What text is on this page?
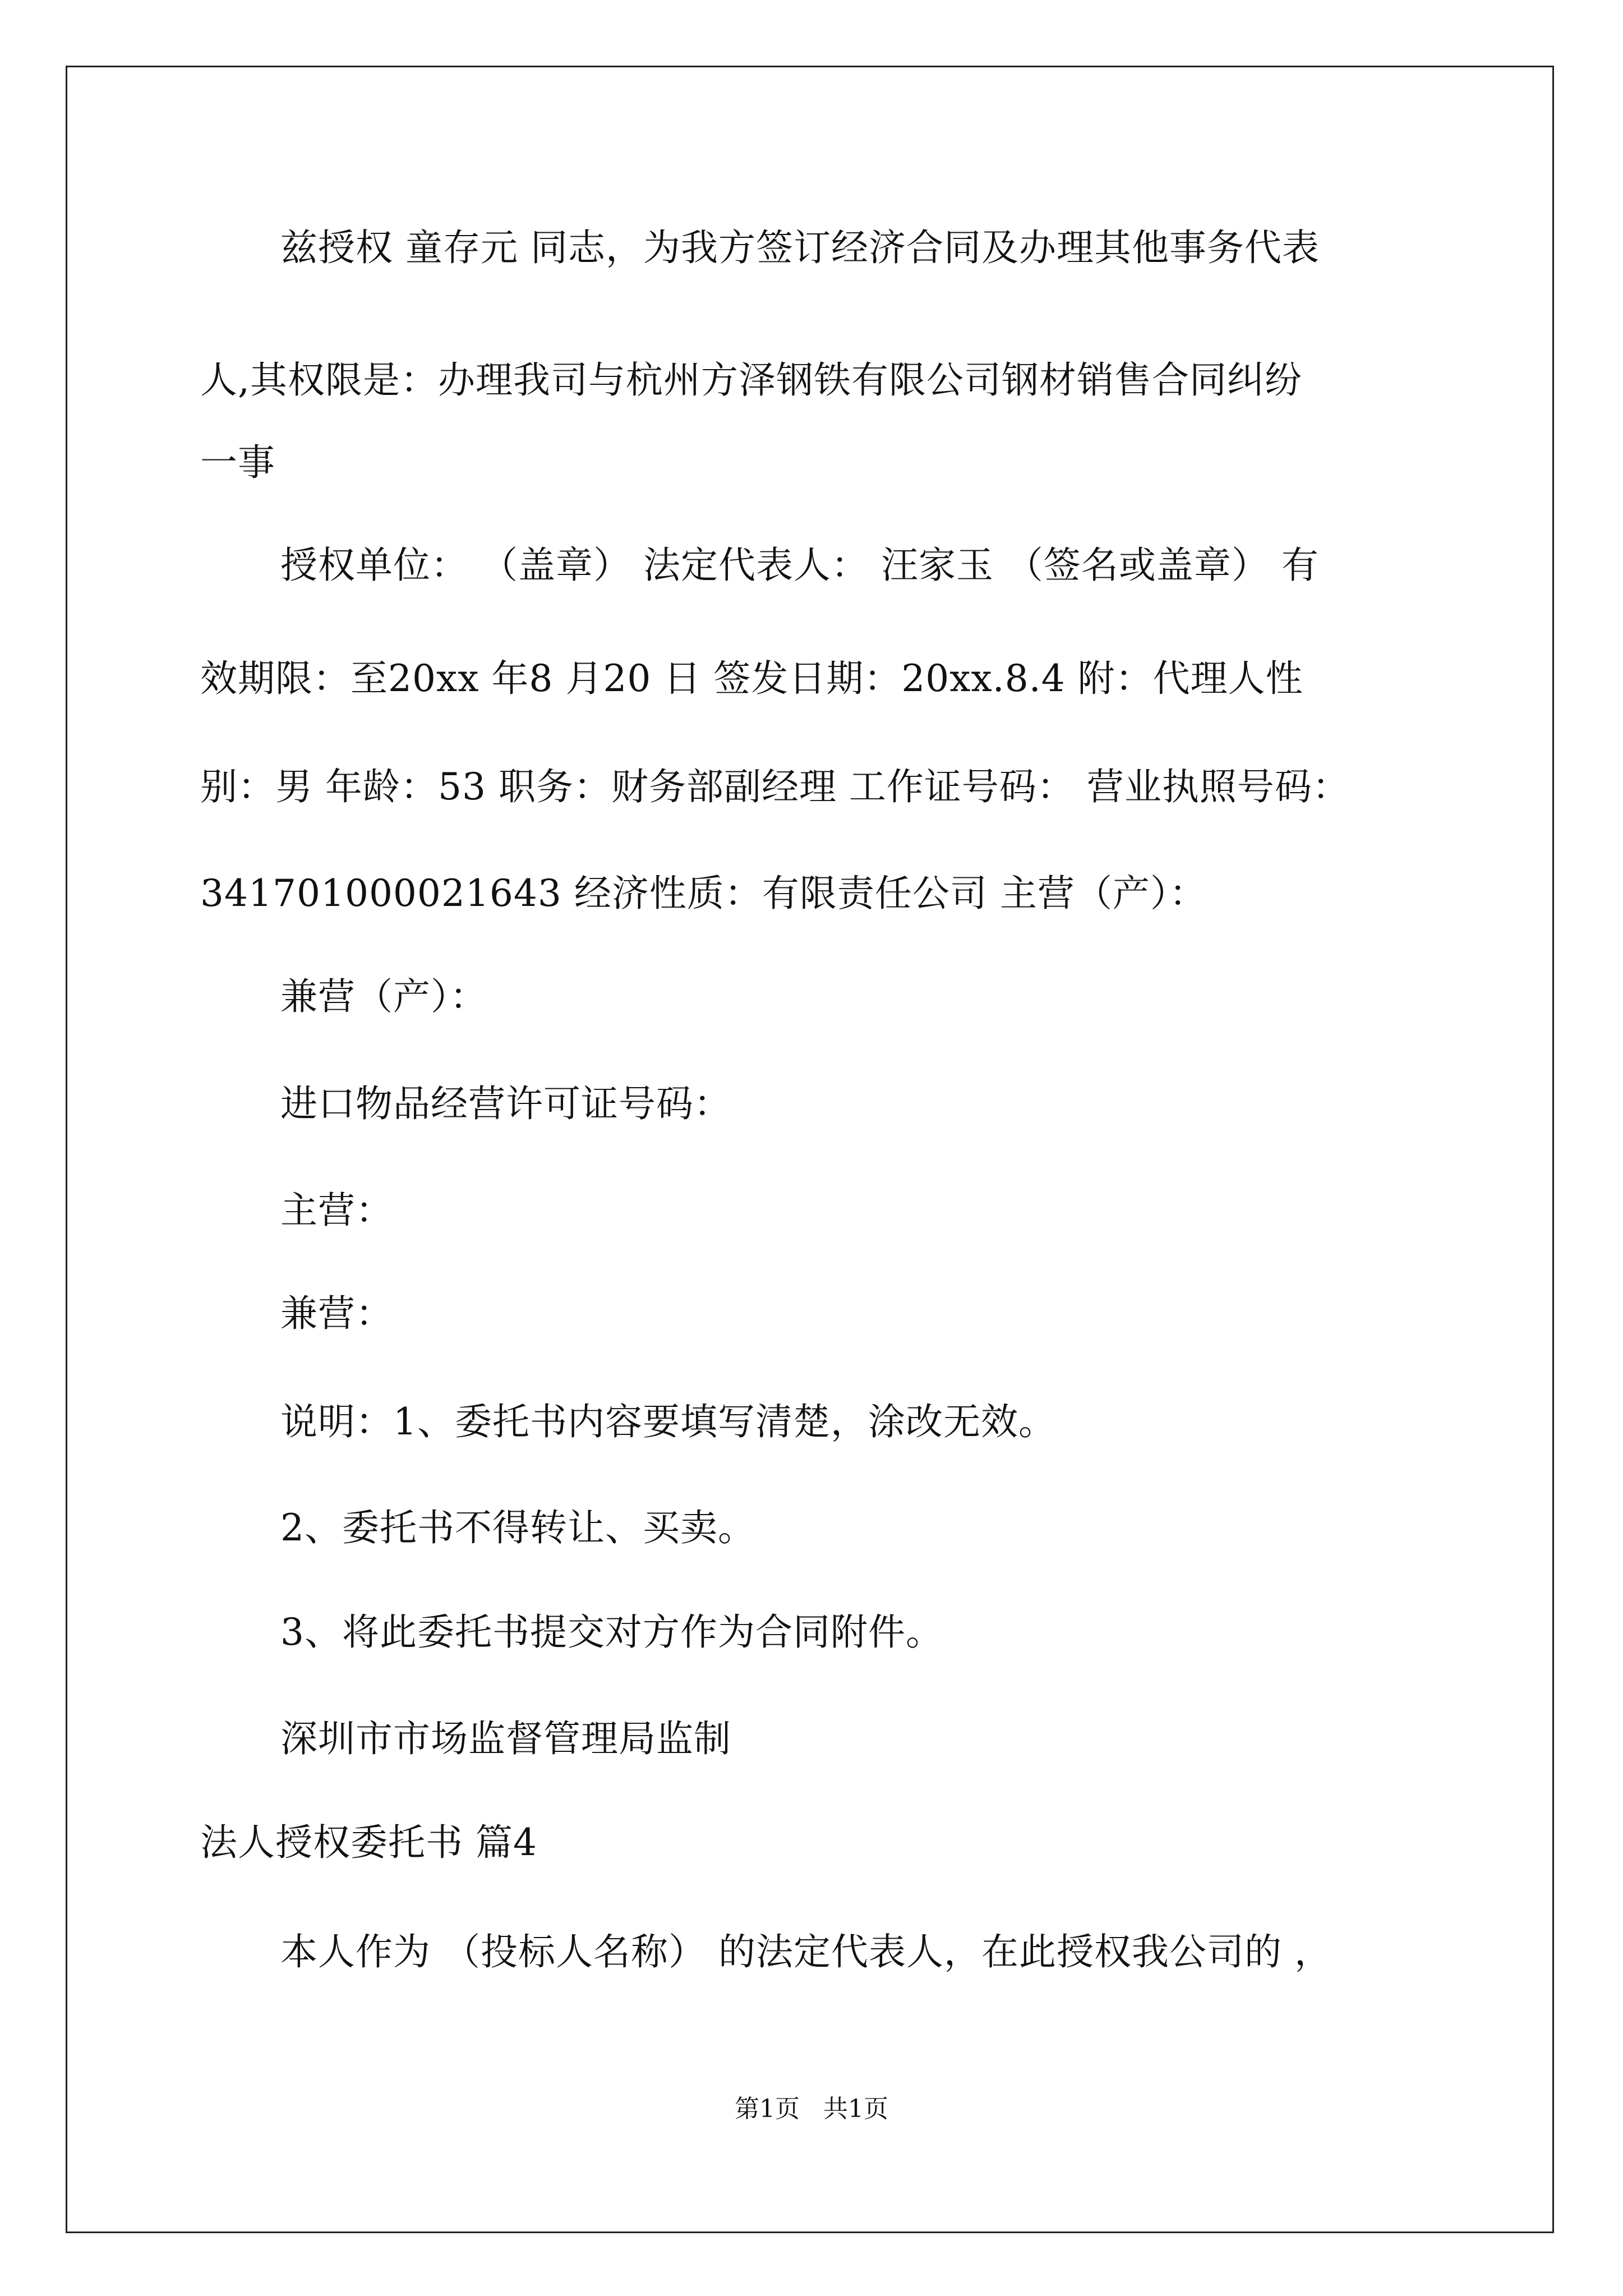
兹授权 童存元 同志，为我方签订经济合同及办理其他事务代表
人,其权限是：办理我司与杭州方泽钢铁有限公司钢材销售合同纠纷
一事
授权单位： （盖章） 法定代表人： 汪家玉 （签名或盖章） 有
效期限：至20xx 年8 月20 日 签发日期：20xx.8.4 附：代理人性
别：男 年龄：53 职务：财务部副经理 工作证号码： 营业执照号码：
341701000021643 经济性质：有限责任公司 主营（产）：
兼营（产）：
进口物品经营许可证号码：
主营：
兼营：
说明：1、委托书内容要填写清楚，涂改无效。
2、委托书不得转让、买卖。
3、将此委托书提交对方作为合同附件。
深圳市市场监督管理局监制
法人授权委托书 篇4
本人作为 （投标人名称） 的法定代表人，在此授权我公司的 ，
第1页   共1页
